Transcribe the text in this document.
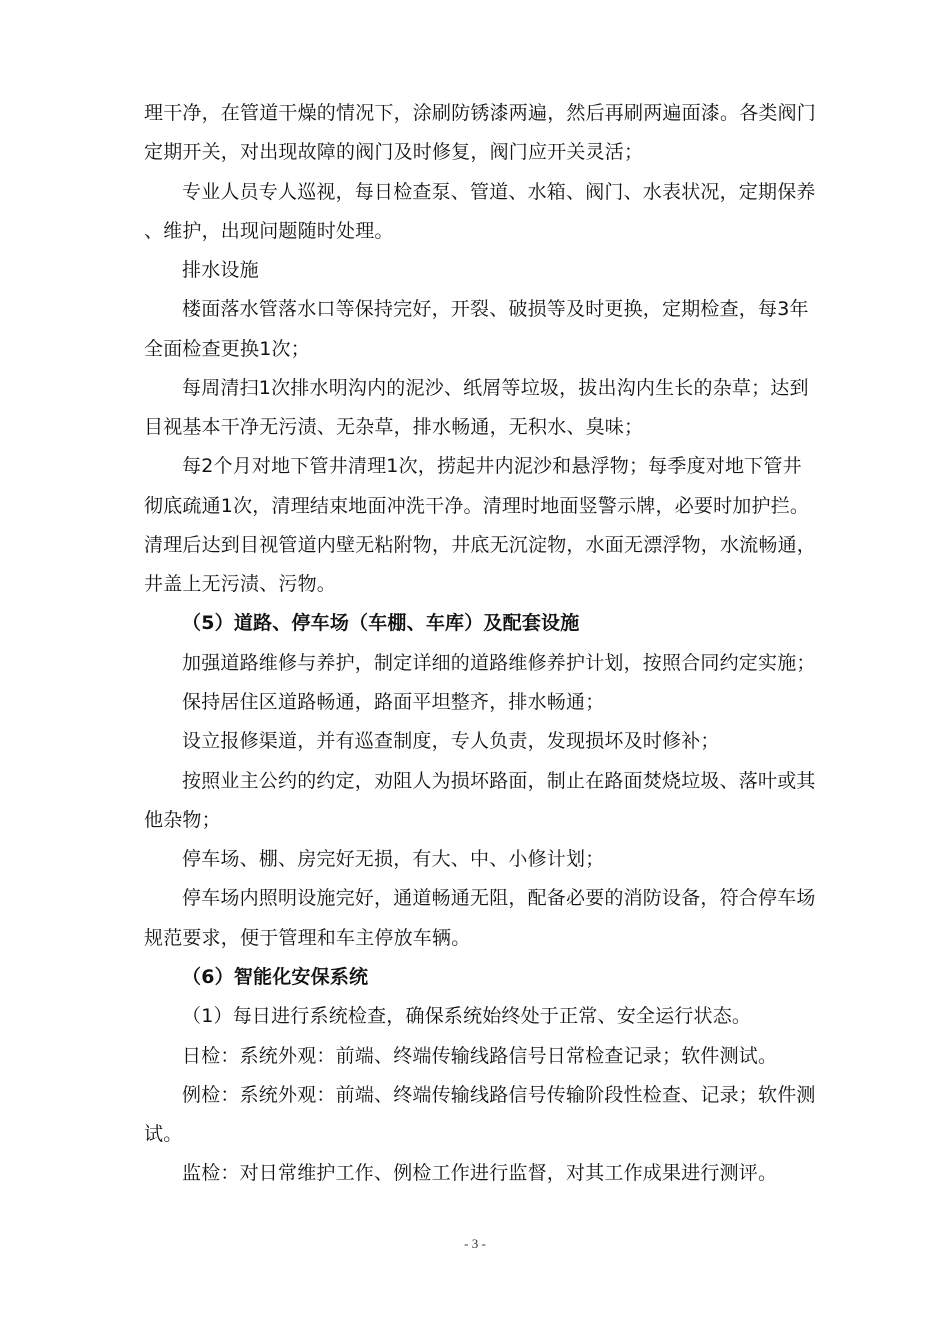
理干净，在管道干燥的情况下，涂刷防锈漆两遍，然后再刷两遍面漆。各类阀门
定期开关，对出现故障的阀门及时修复，阀门应开关灵活；
专业人员专人巡视，每日检查泵、管道、水箱、阀门、水表状况，定期保养
、维护，出现问题随时处理。
排水设施
楼面落水管落水口等保持完好，开裂、破损等及时更换，定期检查，每3年
全面检查更换1次；
每周清扫1次排水明沟内的泥沙、纸屑等垃圾，拔出沟内生长的杂草；达到
目视基本干净无污渍、无杂草，排水畅通，无积水、臭味；
每2个月对地下管井清理1次，捞起井内泥沙和悬浮物；每季度对地下管井
彻底疏通1次，清理结束地面冲洗干净。清理时地面竖警示牌，必要时加护拦。
清理后达到目视管道内壁无粘附物，井底无沉淀物，水面无漂浮物，水流畅通，
井盖上无污渍、污物。
（5）道路、停车场（车棚、车库）及配套设施
加强道路维修与养护，制定详细的道路维修养护计划，按照合同约定实施；
保持居住区道路畅通，路面平坦整齐，排水畅通；
设立报修渠道，并有巡查制度，专人负责，发现损坏及时修补；
按照业主公约的约定，劝阻人为损坏路面，制止在路面焚烧垃圾、落叶或其
他杂物；
停车场、棚、房完好无损，有大、中、小修计划；
停车场内照明设施完好，通道畅通无阻，配备必要的消防设备，符合停车场
规范要求，便于管理和车主停放车辆。
（6）智能化安保系统
（1）每日进行系统检查，确保系统始终处于正常、安全运行状态。
日检：系统外观：前端、终端传输线路信号日常检查记录；软件测试。
例检：系统外观：前端、终端传输线路信号传输阶段性检查、记录；软件测
试。
监检：对日常维护工作、例检工作进行监督，对其工作成果进行测评。
- 3 -
